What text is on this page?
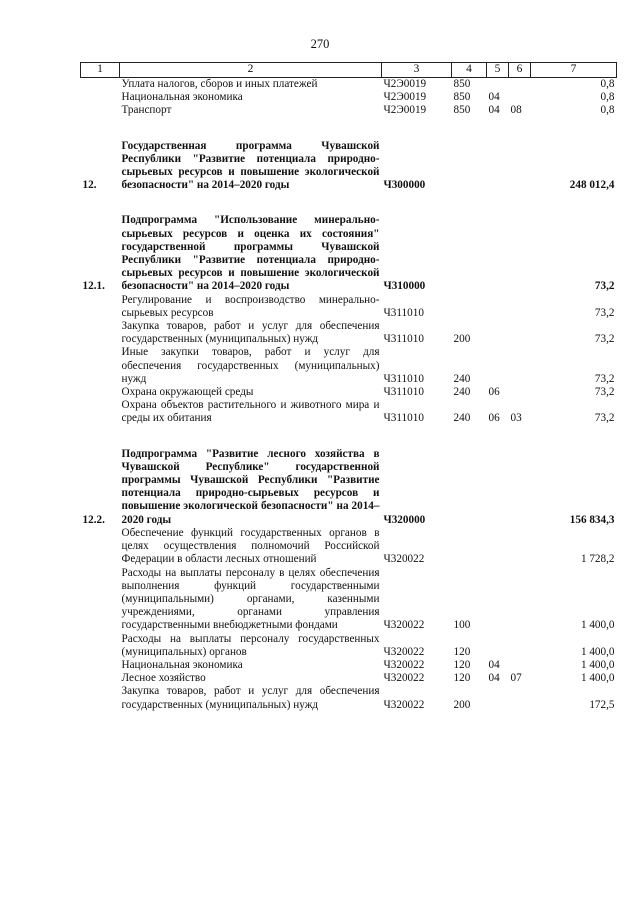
270
1	2	3	4	5	6	7
	Уплата налогов, сборов и иных платежей	Ч2Э0019	850			0,8
	Национальная экономика	Ч2Э0019	850	04		0,8
	Транспорт	Ч2Э0019	850	04	08	0,8
12.	Государственная программа Чувашской Республики "Развитие потенциала природно-сырьевых ресурсов и повышение экологической безопасности" на 2014–2020 годы	Ч300000				248 012,4
12.1.	Подпрограмма "Использование минерально-сырьевых ресурсов и оценка их состояния" государственной программы Чувашской Республики "Развитие потенциала природно-сырьевых ресурсов и повышение экологической безопасности" на 2014–2020 годы	Ч310000				73,2
	Регулирование и воспроизводство минерально-сырьевых ресурсов	Ч311010				73,2
	Закупка товаров, работ и услуг для обеспечения государственных (муниципальных) нужд	Ч311010	200			73,2
	Иные закупки товаров, работ и услуг для обеспечения государственных (муниципальных) нужд	Ч311010	240			73,2
	Охрана окружающей среды	Ч311010	240	06		73,2
	Охрана объектов растительного и животного мира и среды их обитания	Ч311010	240	06	03	73,2
12.2.	Подпрограмма "Развитие лесного хозяйства в Чувашской Республике" государственной программы Чувашской Республики "Развитие потенциала природно-сырьевых ресурсов и повышение экологической безопасности" на 2014–2020 годы	Ч320000				156 834,3
	Обеспечение функций государственных органов в целях осуществления полномочий Российской Федерации в области лесных отношений	Ч320022				1 728,2
	Расходы на выплаты персоналу в целях обеспечения выполнения функций государственными (муниципальными) органами, казенными учреждениями, органами управления государственными внебюджетными фондами	Ч320022	100			1 400,0
	Расходы на выплаты персоналу государственных (муниципальных) органов	Ч320022	120			1 400,0
	Национальная экономика	Ч320022	120	04		1 400,0
	Лесное хозяйство	Ч320022	120	04	07	1 400,0
	Закупка товаров, работ и услуг для обеспечения государственных (муниципальных) нужд	Ч320022	200			172,5
